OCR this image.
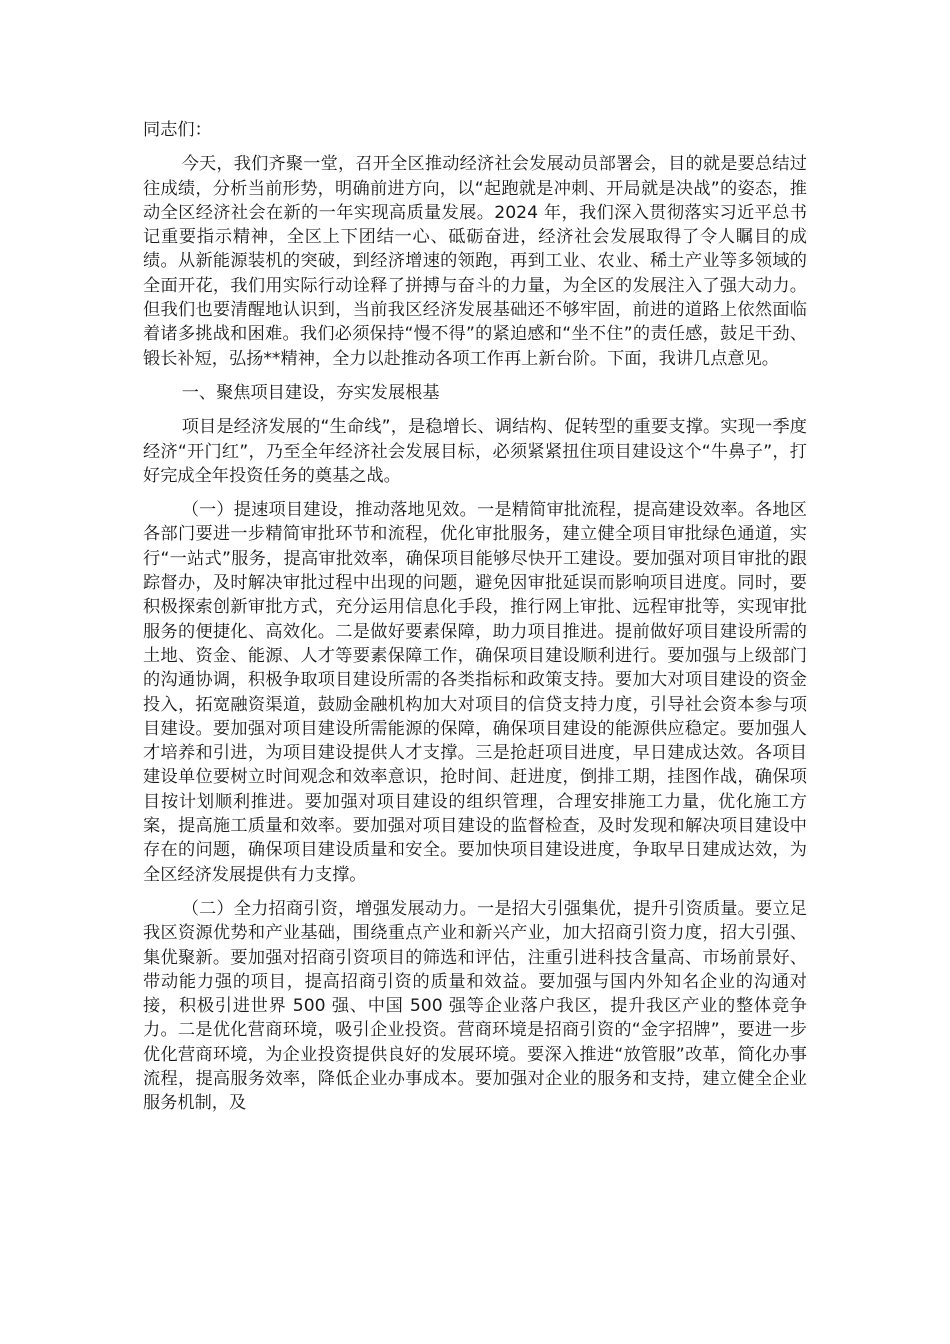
同志们：

今天，我们齐聚一堂，召开全区推动经济社会发展动员部署会，目的就是要总结过往成绩，分析当前形势，明确前进方向，以“起跑就是冲刺、开局就是决战”的姿态，推动全区经济社会在新的一年实现高质量发展。2024 年，我们深入贯彻落实习近平总书记重要指示精神，全区上下团结一心、砥砺奋进，经济社会发展取得了令人瞩目的成绩。从新能源装机的突破，到经济增速的领跑，再到工业、农业、稀土产业等多领域的全面开花，我们用实际行动诠释了拼搏与奋斗的力量，为全区的发展注入了强大动力。但我们也要清醒地认识到，当前我区经济发展基础还不够牢固，前进的道路上依然面临着诸多挑战和困难。我们必须保持“慢不得”的紧迫感和“坐不住”的责任感，鼓足干劲、锻长补短，弘扬**精神，全力以赴推动各项工作再上新台阶。下面，我讲几点意见。

一、聚焦项目建设，夯实发展根基

项目是经济发展的“生命线”，是稳增长、调结构、促转型的重要支撑。实现一季度经济“开门红”，乃至全年经济社会发展目标，必须紧紧扭住项目建设这个“牛鼻子”，打好完成全年投资任务的奠基之战。

（一）提速项目建设，推动落地见效。一是精简审批流程，提高建设效率。各地区各部门要进一步精简审批环节和流程，优化审批服务，建立健全项目审批绿色通道，实行“一站式”服务，提高审批效率，确保项目能够尽快开工建设。要加强对项目审批的跟踪督办，及时解决审批过程中出现的问题，避免因审批延误而影响项目进度。同时，要积极探索创新审批方式，充分运用信息化手段，推行网上审批、远程审批等，实现审批服务的便捷化、高效化。二是做好要素保障，助力项目推进。提前做好项目建设所需的土地、资金、能源、人才等要素保障工作，确保项目建设顺利进行。要加强与上级部门的沟通协调，积极争取项目建设所需的各类指标和政策支持。要加大对项目建设的资金投入，拓宽融资渠道，鼓励金融机构加大对项目的信贷支持力度，引导社会资本参与项目建设。要加强对项目建设所需能源的保障，确保项目建设的能源供应稳定。要加强人才培养和引进，为项目建设提供人才支撑。三是抢赶项目进度，早日建成达效。各项目建设单位要树立时间观念和效率意识，抢时间、赶进度，倒排工期，挂图作战，确保项目按计划顺利推进。要加强对项目建设的组织管理，合理安排施工力量，优化施工方案，提高施工质量和效率。要加强对项目建设的监督检查，及时发现和解决项目建设中存在的问题，确保项目建设质量和安全。要加快项目建设进度，争取早日建成达效，为全区经济发展提供有力支撑。

（二）全力招商引资，增强发展动力。一是招大引强集优，提升引资质量。要立足我区资源优势和产业基础，围绕重点产业和新兴产业，加大招商引资力度，招大引强、集优聚新。要加强对招商引资项目的筛选和评估，注重引进科技含量高、市场前景好、带动能力强的项目，提高招商引资的质量和效益。要加强与国内外知名企业的沟通对接，积极引进世界 500 强、中国 500 强等企业落户我区，提升我区产业的整体竞争力。二是优化营商环境，吸引企业投资。营商环境是招商引资的“金字招牌”，要进一步优化营商环境，为企业投资提供良好的发展环境。要深入推进“放管服”改革，简化办事流程，提高服务效率，降低企业办事成本。要加强对企业的服务和支持，建立健全企业服务机制，及
